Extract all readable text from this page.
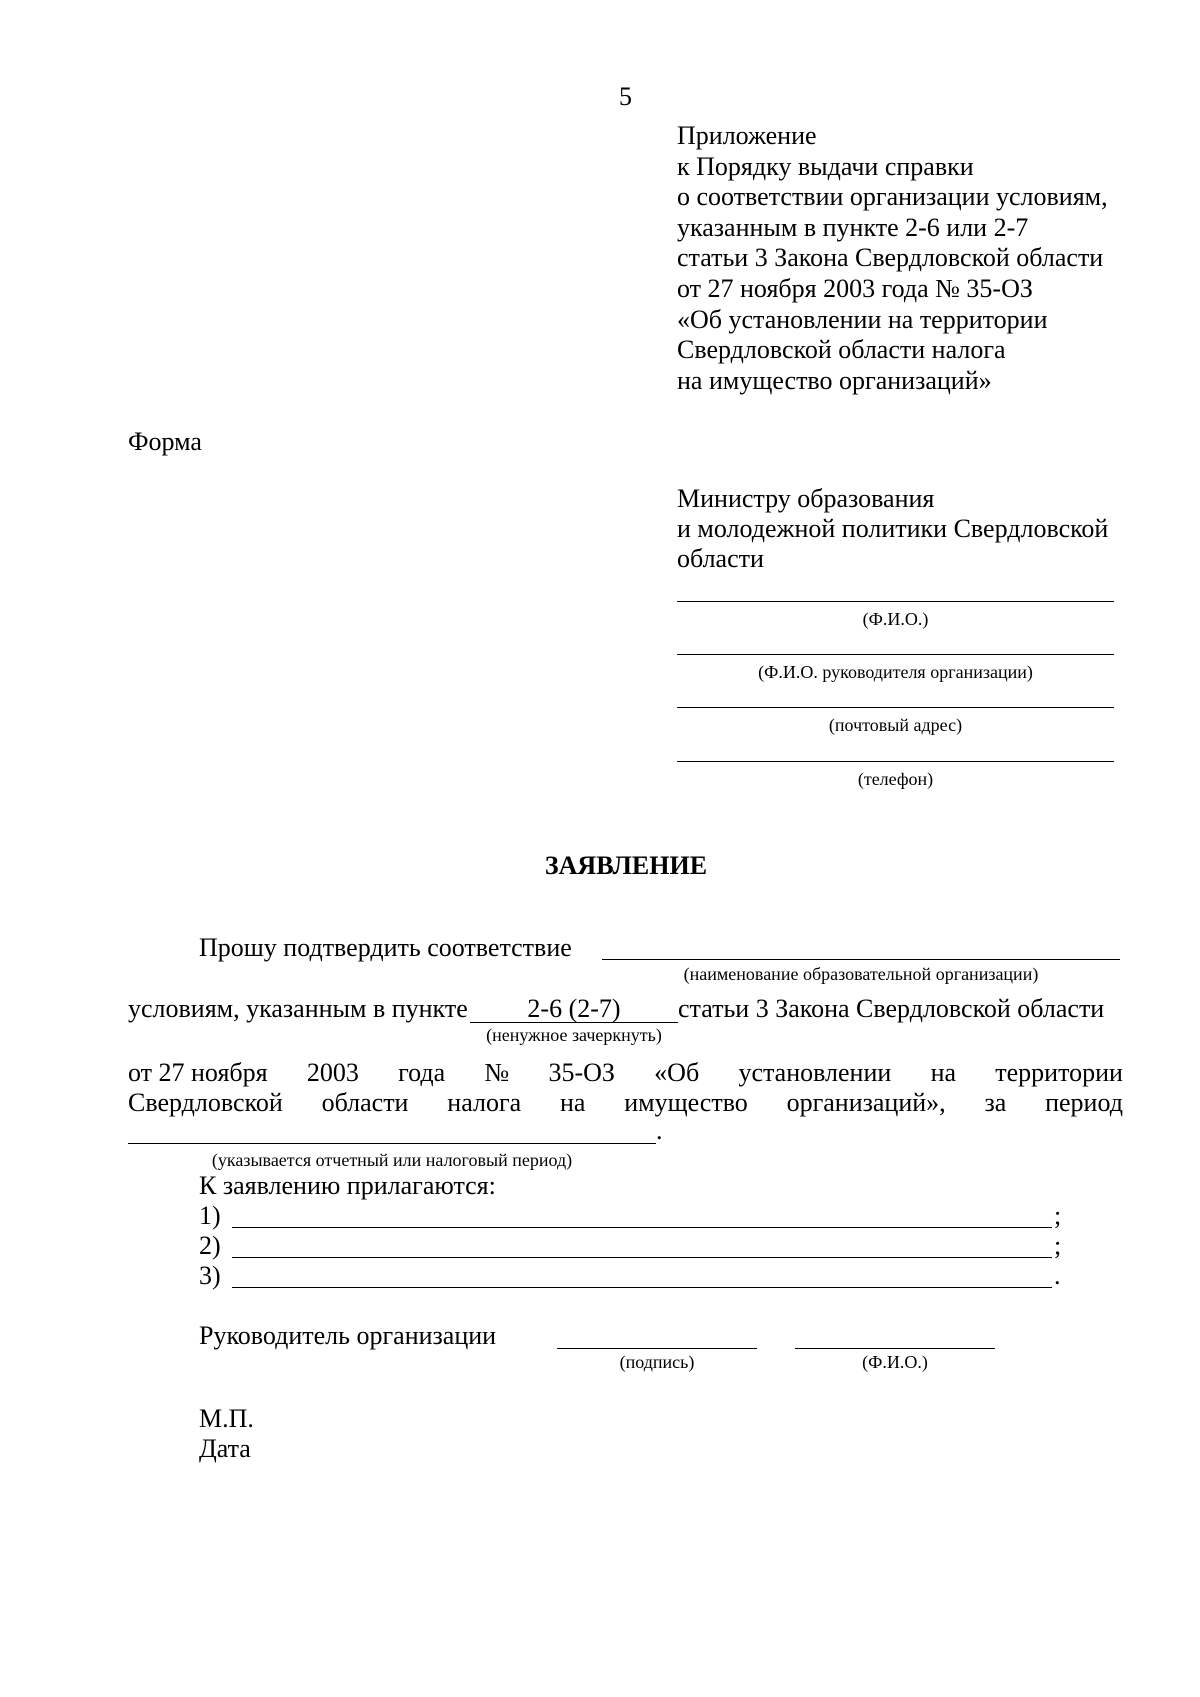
5
Приложение
к Порядку выдачи справки
о соответствии организации условиям,
указанным в пункте 2-6 или 2-7
статьи 3 Закона Свердловской области
от 27 ноября 2003 года № 35-ОЗ
«Об установлении на территории
Свердловской области налога
на имущество организаций»
Форма
Министру образования
и молодежной политики Свердловской
области
(Ф.И.О.)
(Ф.И.О. руководителя организации)
(почтовый адрес)
(телефон)
ЗАЯВЛЕНИЕ
Прошу подтвердить соответствие
(наименование образовательной организации)
условиям, указанным в пункте	2-6 (2-7)
(ненужное зачеркнуть)
статьи 3 Закона Свердловской области
от 27 ноября 2003 года № 35-ОЗ «Об установлении на территории
Свердловской области налога на имущество организаций», за период
.
(указывается отчетный или налоговый период)
К заявлению прилагаются:
1)	;
2)	;
3)	.
Руководитель организации
(подпись)	(Ф.И.О.)
М.П.
Дата
